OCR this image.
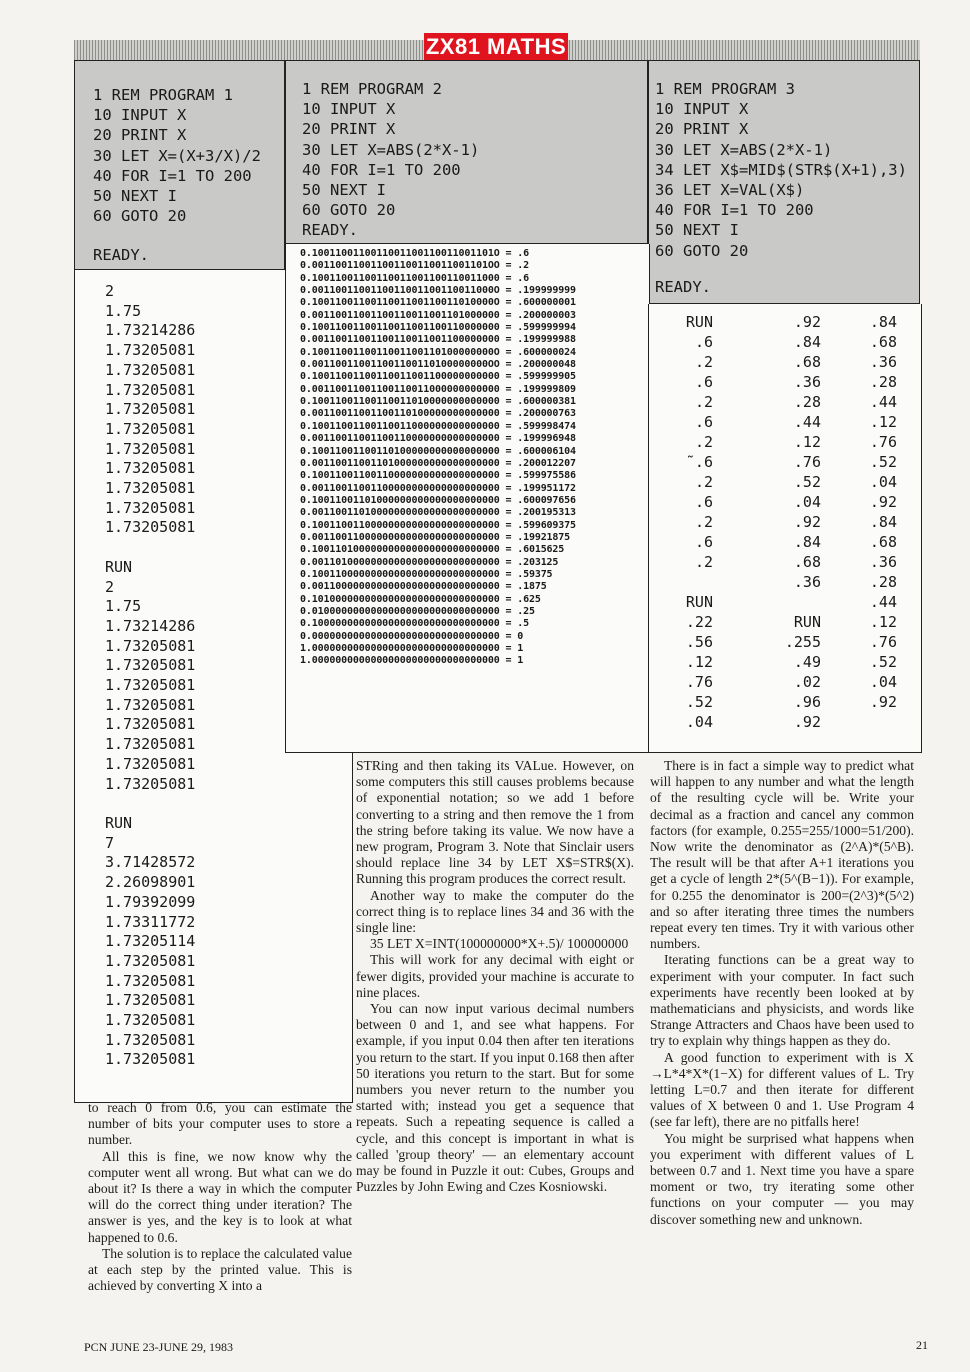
ZX81 MATHS
1 REM PROGRAM 1
10 INPUT X
20 PRINT X
30 LET X=(X+3/X)/2
40 FOR I=1 TO 200
50 NEXT I
60 GOTO 20
READY.
1 REM PROGRAM 2
10 INPUT X
20 PRINT X
30 LET X=ABS(2*X-1)
40 FOR I=1 TO 200
50 NEXT I
60 GOTO 20
READY.
1 REM PROGRAM 3
10 INPUT X
20 PRINT X
30 LET X=ABS(2*X-1)
34 LET X$=MID$(STR$(X+1),3)
36 LET X=VAL(X$)
40 FOR I=1 TO 200
50 NEXT I
60 GOTO 20
READY.
2
1.75
1.73214286
1.73205081
1.73205081
1.73205081
1.73205081
1.73205081
1.73205081
1.73205081
1.73205081
1.73205081
1.73205081

RUN
2
1.75
1.73214286
1.73205081
1.73205081
1.73205081
1.73205081
1.73205081
1.73205081
1.73205081
1.73205081

RUN
7
3.71428572
2.26098901
1.79392099
1.73311772
1.73205114
1.73205081
1.73205081
1.73205081
1.73205081
1.73205081
1.73205081
0.1001100110011001100110011001101O = .6
0.001100110011001100110011001101OO = .2
0.10011001100110011001100110011000 = .6
0.0011001100110011001100110011000O = .199999999
0.1001100110011001100110011010000O = .600000001
0.00110011001100110011001101000000 = .200000003
0.10011001100110011001100110000000 = .599999994
0.00110011001100110011001100000000 = .199999988
0.1001100110011001100110100000000O = .600000024
0.001100110011001100110100000000OO = .200000048
0.10011001100110011001100000000000 = .599999905
0.00110011001100110011000000000000 = .199999809
0.10011001100110011010000000000000 = .600000381
0.00110011001100110100000000000000 = .200000763
0.10011001100110011000000000000000 = .599998474
0.00110011001100110000000000000000 = .199996948
0.10011001100110100000000000000000 = .600006104
0.00110011001101000000000000000000 = .200012207
0.10011001100110000000000000000000 = .599975586
0.00110011001100000000000000000000 = .199951172
0.10011001101000000000000000000000 = .600097656
0.00110011010000000000000000000000 = .200195313
0.10011001100000000000000000000000 = .599609375
0.00110011000000000000000000000000 = .19921875
0.10011010000000000000000000000000 = .6015625
0.00110100000000000000000000000000 = .203125
0.10011000000000000000000000000000 = .59375
0.00110000000000000000000000000000 = .1875
0.10100000000000000000000000000000 = .625
0.01000000000000000000000000000000 = .25
0.10000000000000000000000000000000 = .5
0.00000000000000000000000000000000 = 0
1.00000000000000000000000000000000 = 1
1.00000000000000000000000000000000 = 1
RUN
.6
.2
.6
.2
.6
.2
˜.6
.2
.6
.2
.6
.2

RUN
.22
.56
.12
.76
.52
.04
.92
.84
.68
.36
.28
.44
.12
.76
.52
.04
.92
.84
.68
.36

RUN
.255
.49
.02
.96
.92
.84
.68
.36
.28
.44
.12
.76
.52
.04
.92
.84
.68
.36
.28
.44
.12
.76
.52
.04
.92

to reach 0 from 0.6, you can estimate the number of bits your computer uses to store a number.

All this is fine, we now know why the computer went all wrong. But what can we do about it? Is there a way in which the computer will do the correct thing under iteration? The answer is yes, and the key is to look at what happened to 0.6.

The solution is to replace the calculated value at each step by the printed value. This is achieved by converting X into a

STRing and then taking its VALue. However, on some computers this still causes problems because of exponential notation; so we add 1 before converting to a string and then remove the 1 from the string before taking its value. We now have a new program, Program 3. Note that Sinclair users should replace line 34 by LET X$=STR$(X). Running this program produces the correct result.

Another way to make the computer do the correct thing is to replace lines 34 and 36 with the single line:

35 LET X=INT(100000000*X+.5)/ 100000000

This will work for any decimal with eight or fewer digits, provided your machine is accurate to nine places.

You can now input various decimal numbers between 0 and 1, and see what happens. For example, if you input 0.04 then after ten iterations you return to the start. If you input 0.168 then after 50 iterations you return to the start. But for some numbers you never return to the number you started with; instead you get a sequence that repeats. Such a repeating sequence is called a cycle, and this concept is important in what is called 'group theory' — an elementary account may be found in Puzzle it out: Cubes, Groups and Puzzles by John Ewing and Czes Kosniowski.

There is in fact a simple way to predict what will happen to any number and what the length of the resulting cycle will be. Write your decimal as a fraction and cancel any common factors (for example, 0.255=255/1000=51/200). Now write the denominator as (2^A)*(5^B). The result will be that after A+1 iterations you get a cycle of length 2*(5^(B−1)). For example, for 0.255 the denominator is 200=(2^3)*(5^2) and so after iterating three times the numbers repeat every ten times. Try it with various other numbers.

Iterating functions can be a great way to experiment with your computer. In fact such experiments have recently been looked at by mathematicians and physicists, and words like Strange Attracters and Chaos have been used to try to explain why things happen as they do.

A good function to experiment with is X →L*4*X*(1−X) for different values of L. Try letting L=0.7 and then iterate for different values of X between 0 and 1. Use Program 4 (see far left), there are no pitfalls here!

You might be surprised what happens when you experiment with different values of L between 0.7 and 1. Next time you have a spare moment or two, try iterating some other functions on your computer — you may discover something new and unknown.

PCN JUNE 23-JUNE 29, 1983	21
